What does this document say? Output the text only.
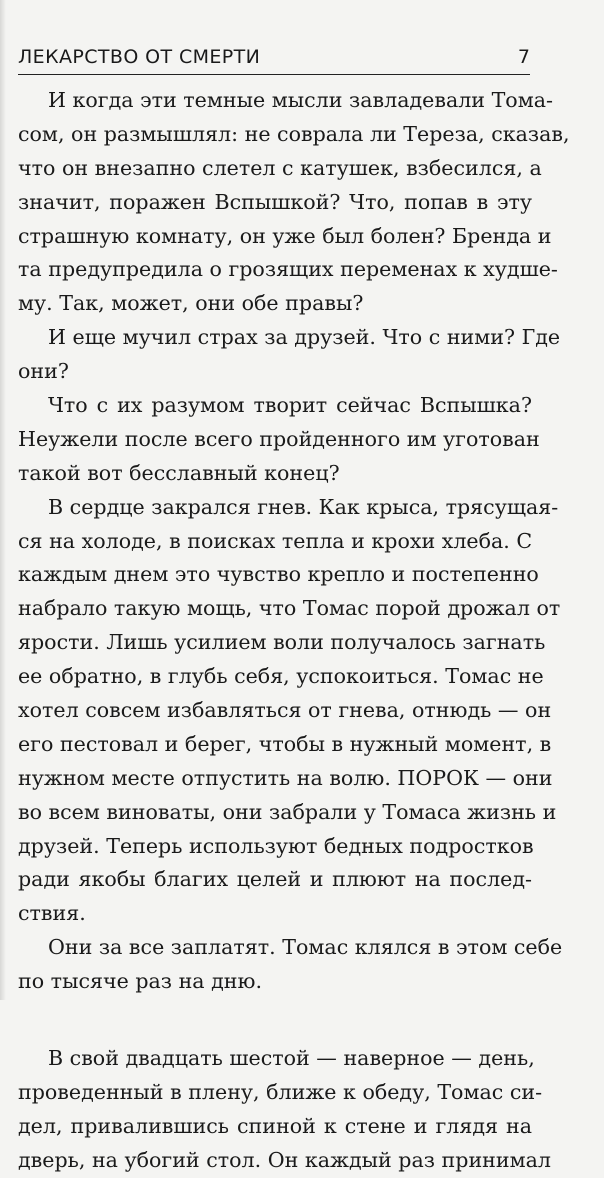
ЛЕКАРСТВО ОТ СМЕРТИ	7
И когда эти темные мысли завладевали Тома-
сом, он размышлял: не соврала ли Тереза, сказав,
что он внезапно слетел с катушек, взбесился, а
значит, поражен Вспышкой? Что, попав в эту
страшную комнату, он уже был болен? Бренда и
та предупредила о грозящих переменах к худше-
му. Так, может, они обе правы?
И еще мучил страх за друзей. Что с ними? Где
они?
Что с их разумом творит сейчас Вспышка?
Неужели после всего пройденного им уготован
такой вот бесславный конец?
В сердце закрался гнев. Как крыса, трясущая-
ся на холоде, в поисках тепла и крохи хлеба. С
каждым днем это чувство крепло и постепенно
набрало такую мощь, что Томас порой дрожал от
ярости. Лишь усилием воли получалось загнать
ее обратно, в глубь себя, успокоиться. Томас не
хотел совсем избавляться от гнева, отнюдь — он
его пестовал и берег, чтобы в нужный момент, в
нужном месте отпустить на волю. ПОРОК — они
во всем виноваты, они забрали у Томаса жизнь и
друзей. Теперь используют бедных подростков
ради якобы благих целей и плюют на послед-
ствия.
Они за все заплатят. Томас клялся в этом себе
по тысяче раз на дню.
В свой двадцать шестой — наверное — день,
проведенный в плену, ближе к обеду, Томас си-
дел, привалившись спиной к стене и глядя на
дверь, на убогий стол. Он каждый раз принимал
